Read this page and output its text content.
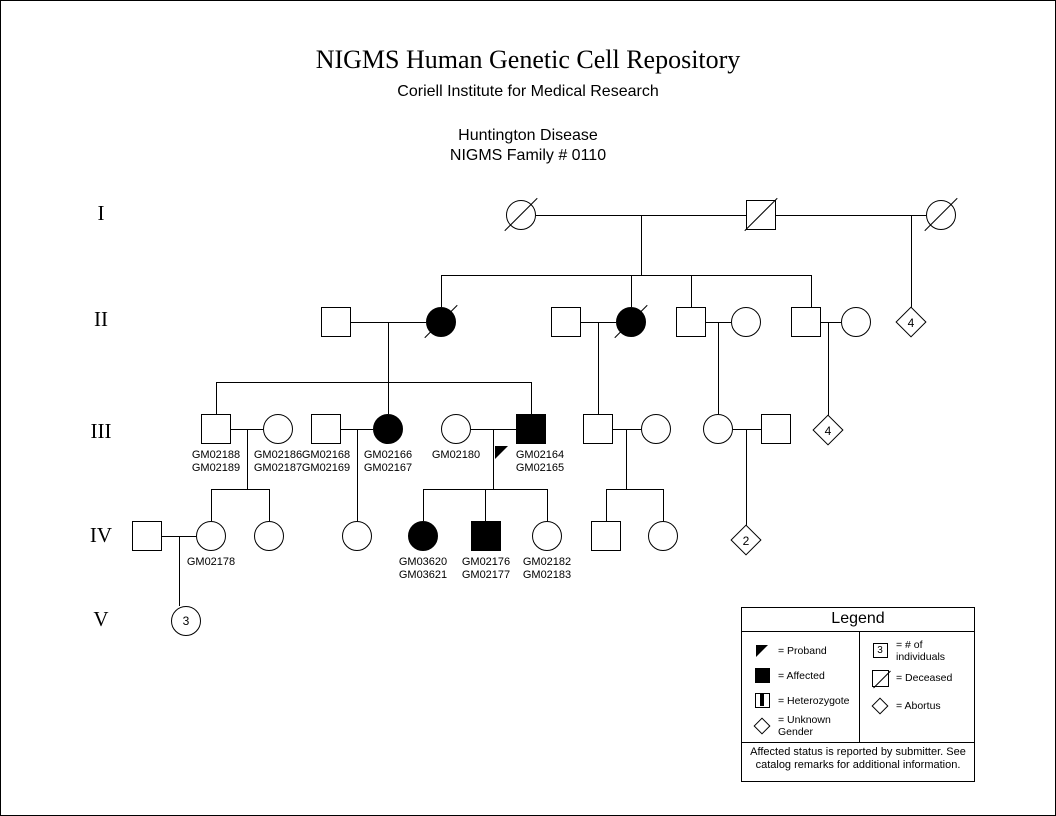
NIGMS Human Genetic Cell Repository
Coriell Institute for Medical Research
Huntington Disease
NIGMS Family # 0110
I
II
III
IV
V
4
GM02188
GM02189
GM02186
GM02187
GM02168
GM02169
GM02166
GM02167
GM02180	GM02164
GM02165
4
GM02178	GM03620
GM03621
GM02176
GM02177
GM02182
GM02183
2
3	Legend
= Proband
= Affected
= Heterozygote
= Unknown Gender
3	= # of individuals
= Deceased
= Abortus
Affected status is reported by submitter. See
catalog remarks for additional information.
